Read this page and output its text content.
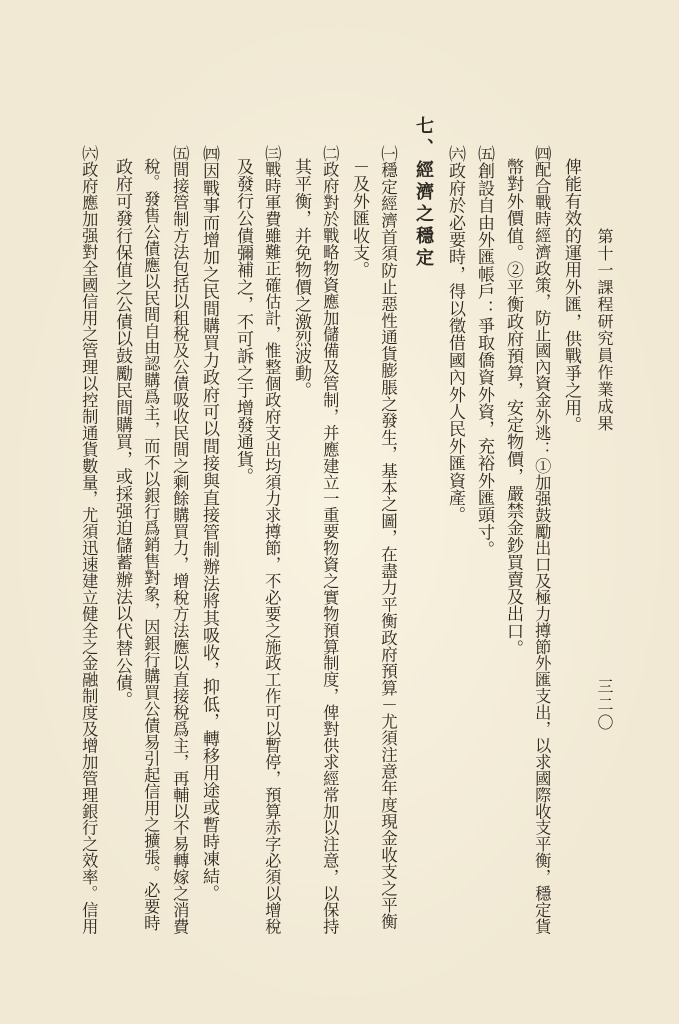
第十一課程研究員作業成果
三二〇
俾能有效的運用外匯，供戰爭之用。
㈣配合戰時經濟政策，防止國內資金外逃：①加强鼓勵出口及極力撙節外匯支出，以求國際收支平衡，穩定貨
幣對外價值。②平衡政府預算，安定物價，嚴禁金鈔買賣及出口。
㈤創設自由外匯帳戶：爭取僑資外資，充裕外匯頭寸。
㈥政府於必要時，得以徵借國內外人民外匯資產。
七、經濟之穩定
㈠穩定經濟首須防止惡性通貨膨脹之發生，基本之圖，在盡力平衡政府預算－尤須注意年度現金收支之平衡
－及外匯收支。
㈡政府對於戰略物資應加儲備及管制，并應建立一重要物資之實物預算制度，俾對供求經常加以注意，以保持
其平衡，并免物價之激烈波動。
㈢戰時軍費雖難正確估計，惟整個政府支出均須力求撙節，不必要之施政工作可以暫停，預算赤字必須以增稅
及發行公債彌補之，不可訴之于增發通貨。
㈣因戰事而增加之民間購買力政府可以間接與直接管制辦法將其吸收，抑低，轉移用途或暫時凍結。
㈤間接管制方法包括以租稅及公債吸收民間之剩餘購買力，增稅方法應以直接稅爲主，再輔以不易轉嫁之消費
稅。發售公債應以民間自由認購爲主，而不以銀行爲銷售對象，因銀行購買公債易引起信用之擴張。必要時
政府可發行保值之公債以鼓勵民間購買，或採强迫儲蓄辦法以代替公債。
㈥政府應加强對全國信用之管理以控制通貨數量，尤須迅速建立健全之金融制度及增加管理銀行之效率。信用
